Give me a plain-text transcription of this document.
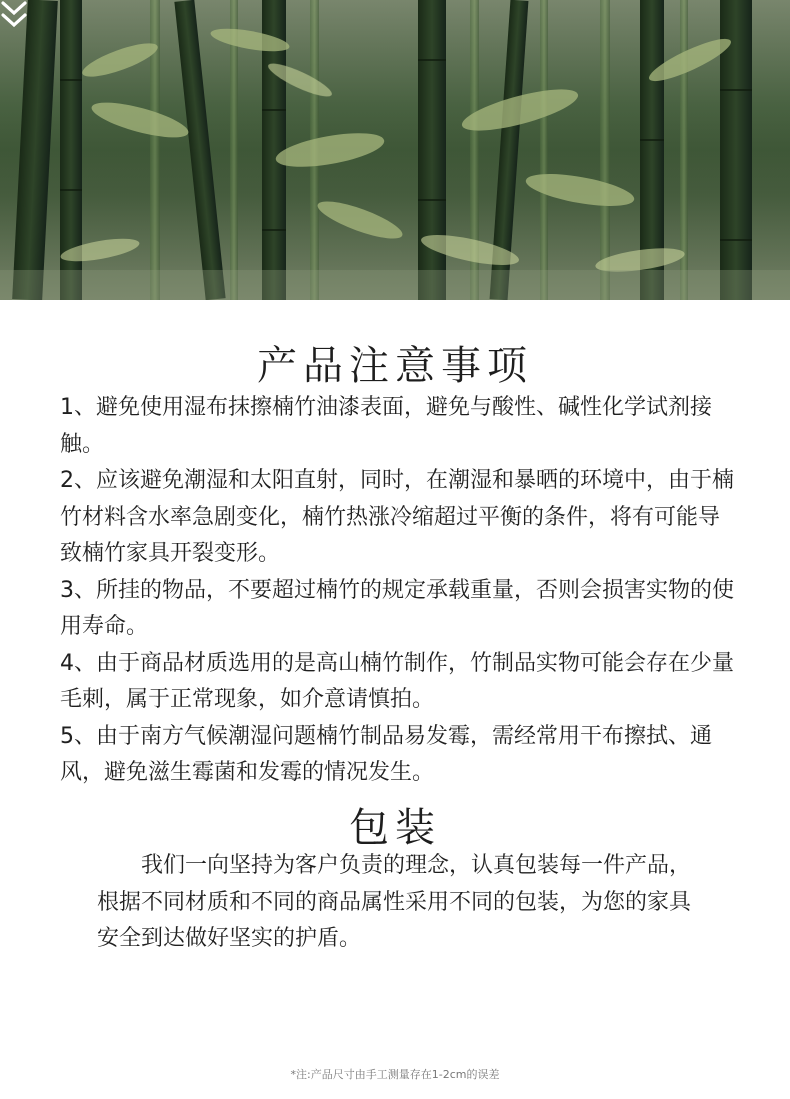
产品注意事项

1、避免使用湿布抹擦楠竹油漆表面，避免与酸性、碱性化学试剂接触。

2、应该避免潮湿和太阳直射，同时，在潮湿和暴晒的环境中，由于楠竹材料含水率急剧变化，楠竹热涨冷缩超过平衡的条件，将有可能导致楠竹家具开裂变形。

3、所挂的物品，不要超过楠竹的规定承载重量，否则会损害实物的使用寿命。

4、由于商品材质选用的是高山楠竹制作，竹制品实物可能会存在少量毛刺，属于正常现象，如介意请慎拍。

5、由于南方气候潮湿问题楠竹制品易发霉，需经常用干布擦拭、通风，避免滋生霉菌和发霉的情况发生。

包装

我们一向坚持为客户负责的理念，认真包装每一件产品，根据不同材质和不同的商品属性采用不同的包装，为您的家具安全到达做好坚实的护盾。

*注:产品尺寸由手工测量存在1-2cm的误差
